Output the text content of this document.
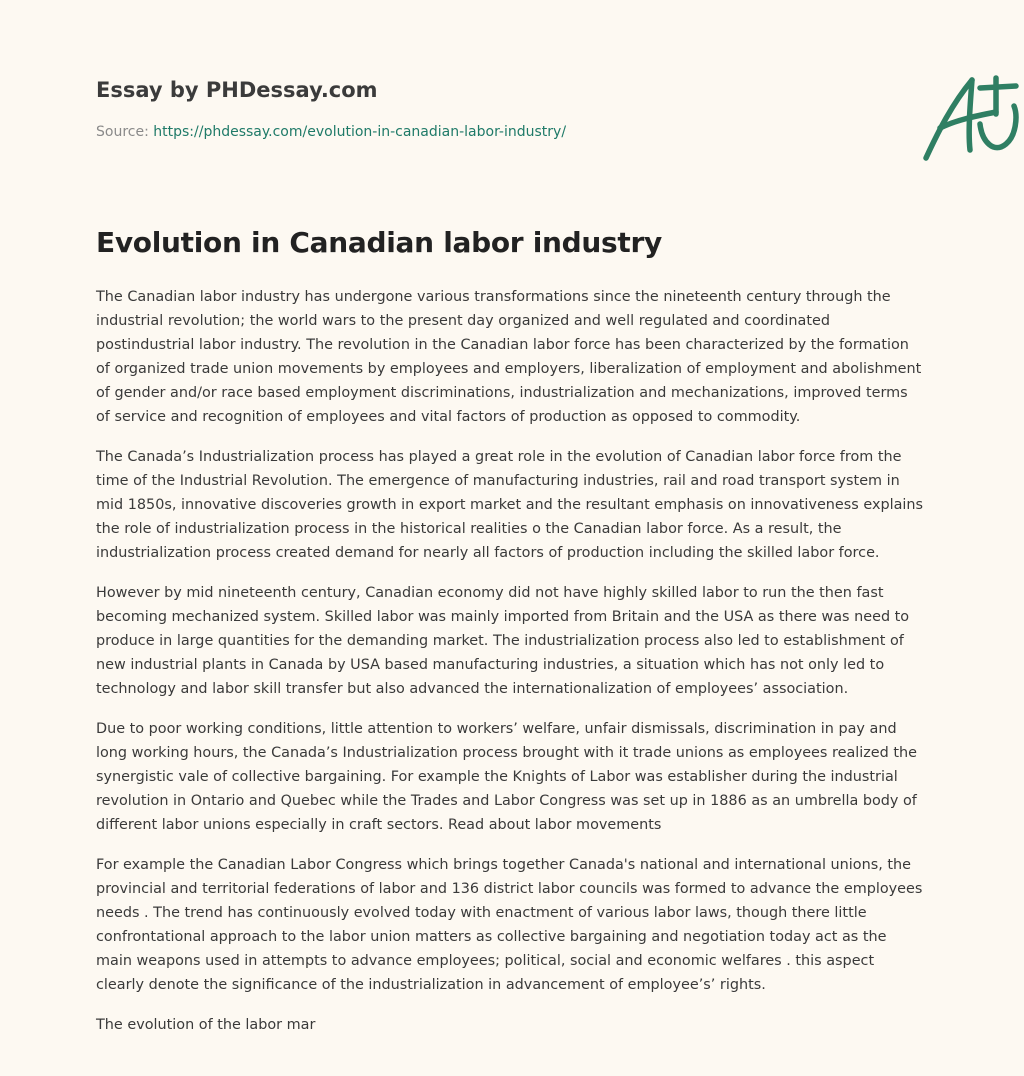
Essay by PHDessay.com
Source: https://phdessay.com/evolution-in-canadian-labor-industry/
Evolution in Canadian labor industry

The Canadian labor industry has undergone various transformations since the nineteenth century through the industrial revolution; the world wars to the present day organized and well regulated and coordinated postindustrial labor industry. The revolution in the Canadian labor force has been characterized by the formation of organized trade union movements by employees and employers, liberalization of employment and abolishment of gender and/or race based employment discriminations, industrialization and mechanizations, improved terms of service and recognition of employees and vital factors of production as opposed to commodity.

The Canada’s Industrialization process has played a great role in the evolution of Canadian labor force from the time of the Industrial Revolution. The emergence of manufacturing industries, rail and road transport system in mid 1850s, innovative discoveries growth in export market and the resultant emphasis on innovativeness explains the role of industrialization process in the historical realities o the Canadian labor force. As a result, the industrialization process created demand for nearly all factors of production including the skilled labor force.

However by mid nineteenth century, Canadian economy did not have highly skilled labor to run the then fast becoming mechanized system. Skilled labor was mainly imported from Britain and the USA as there was need to produce in large quantities for the demanding market. The industrialization process also led to establishment of new industrial plants in Canada by USA based manufacturing industries, a situation which has not only led to technology and labor skill transfer but also advanced the internationalization of employees’ association.

Due to poor working conditions, little attention to workers’ welfare, unfair dismissals, discrimination in pay and long working hours, the Canada’s Industrialization process brought with it trade unions as employees realized the synergistic vale of collective bargaining. For example the Knights of Labor was establisher during the industrial revolution in Ontario and Quebec while the Trades and Labor Congress was set up in 1886 as an umbrella body of different labor unions especially in craft sectors. Read about labor movements

For example the Canadian Labor Congress which brings together Canada's national and international unions, the provincial and territorial federations of labor and 136 district labor councils was formed to advance the employees needs . The trend has continuously evolved today with enactment of various labor laws, though there little confrontational approach to the labor union matters as collective bargaining and negotiation today act as the main weapons used in attempts to advance employees; political, social and economic welfares . this aspect clearly denote the significance of the industrialization in advancement of employee’s’ rights.

The evolution of the labor mar
